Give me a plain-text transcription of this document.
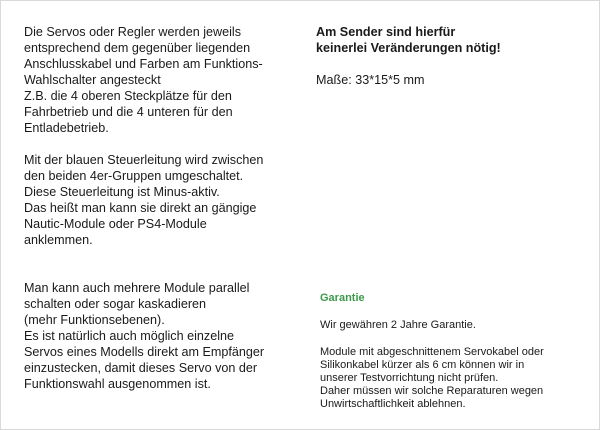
Die Servos oder Regler werden jeweils
entsprechend dem gegenüber liegenden
Anschlusskabel und Farben am Funktions-
Wahlschalter angesteckt
Z.B. die 4 oberen Steckplätze für den
Fahrbetrieb und die 4 unteren für den
Entladebetrieb.

Mit der blauen Steuerleitung wird zwischen
den beiden 4er-Gruppen umgeschaltet.
Diese Steuerleitung ist Minus-aktiv.
Das heißt man kann sie direkt an gängige
Nautic-Module oder PS4-Module
anklemmen.

Man kann auch mehrere Module parallel
schalten oder sogar kaskadieren
(mehr Funktionsebenen).
Es ist natürlich auch möglich einzelne
Servos eines Modells direkt am Empfänger
einzustecken, damit dieses Servo von der
Funktionswahl ausgenommen ist.

Am Sender sind hierfür
keinerlei Veränderungen nötig!

Maße: 33*15*5 mm

Garantie

Wir gewähren 2 Jahre Garantie.

Module mit abgeschnittenem Servokabel oder
Silikonkabel kürzer als 6 cm können wir in
unserer Testvorrichtung nicht prüfen.
Daher müssen wir solche Reparaturen wegen
Unwirtschaftlichkeit ablehnen.
